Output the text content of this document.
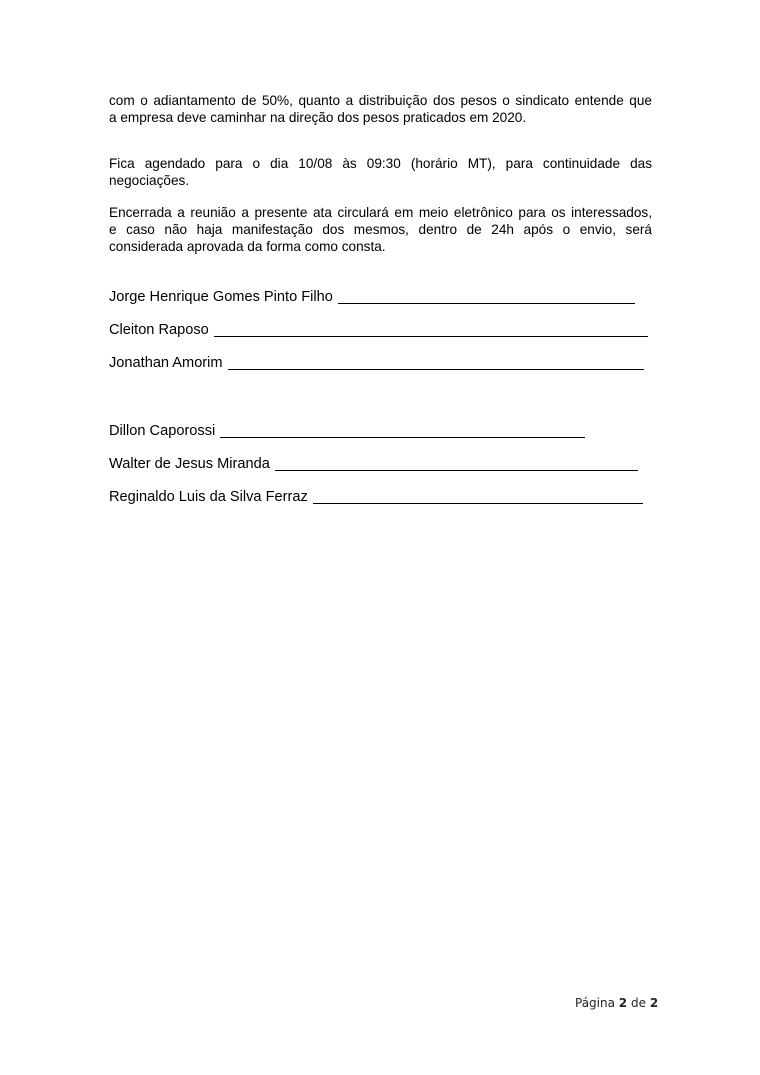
com o adiantamento de 50%, quanto a distribuição dos pesos o sindicato entende que
a empresa deve caminhar na direção dos pesos praticados em 2020.
Fica agendado para o dia 10/08 às 09:30 (horário MT), para continuidade das
negociações.
Encerrada a reunião a presente ata circulará em meio eletrônico para os interessados,
e caso não haja manifestação dos mesmos, dentro de 24h após o envio, será
considerada aprovada da forma como consta.
Jorge Henrique Gomes Pinto Filho
Cleiton Raposo
Jonathan Amorim
Dillon Caporossi
Walter de Jesus Miranda
Reginaldo Luis da Silva Ferraz
Página 2 de 2
